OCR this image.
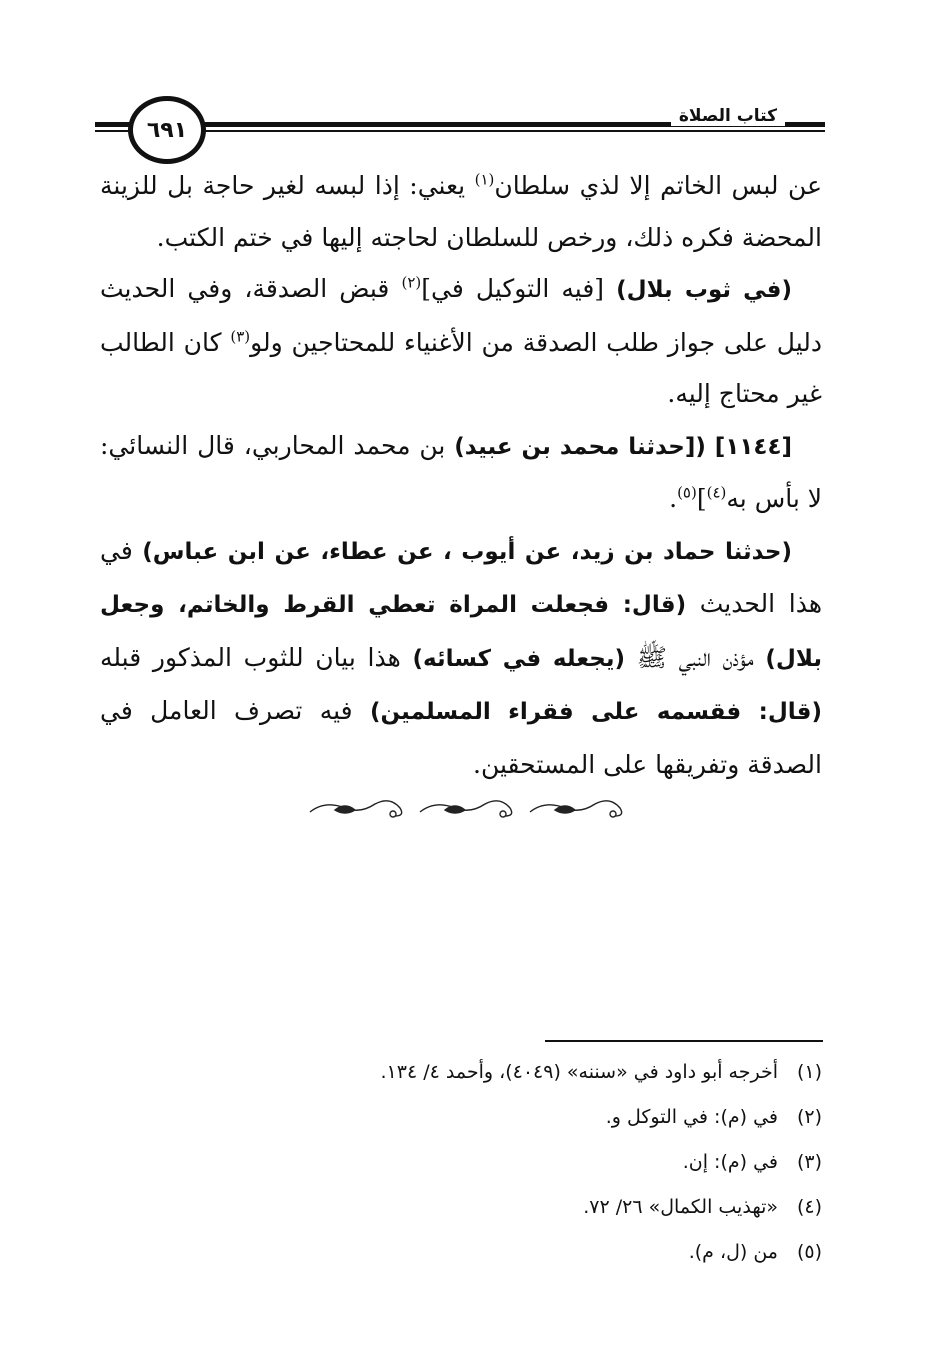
كتاب الصلاة
٦٩١

عن لبس الخاتم إلا لذي سلطان$^{(١)}$ يعني: إذا لبسه لغير حاجة بل للزينة المحضة فكره ذلك، ورخص للسلطان لحاجته إليها في ختم الكتب.

(في ثوب بلال) [فيه التوكيل في]$^{(٢)}$ قبض الصدقة، وفي الحديث دليل على جواز طلب الصدقة من الأغنياء للمحتاجين ولو$^{(٣)}$ كان الطالب غير محتاج إليه.

[١١٤٤] ([حدثنا محمد بن عبيد) بن محمد المحاربي، قال النسائي: لا بأس به$^{(٤)}$]$^{(٥)}$.

(حدثنا حماد بن زيد، عن أيوب ، عن عطاء، عن ابن عباس) في هذا الحديث (قال: فجعلت المراة تعطي القرط والخاتم، وجعل بلال) مؤذن النبي ﷺ (يجعله في كسائه) هذا بيان للثوب المذكور قبله (قال: فقسمه على فقراء المسلمين) فيه تصرف العامل في الصدقة وتفريقها على المستحقين.

(١)
أخرجه أبو داود في «سننه» (٤٠٤٩)، وأحمد ٤/ ١٣٤.
(٢)
في (م): في التوكل و.
(٣)
في (م): إن.
(٤)
«تهذيب الكمال» ٢٦/ ٧٢.
(٥)
من (ل، م).
